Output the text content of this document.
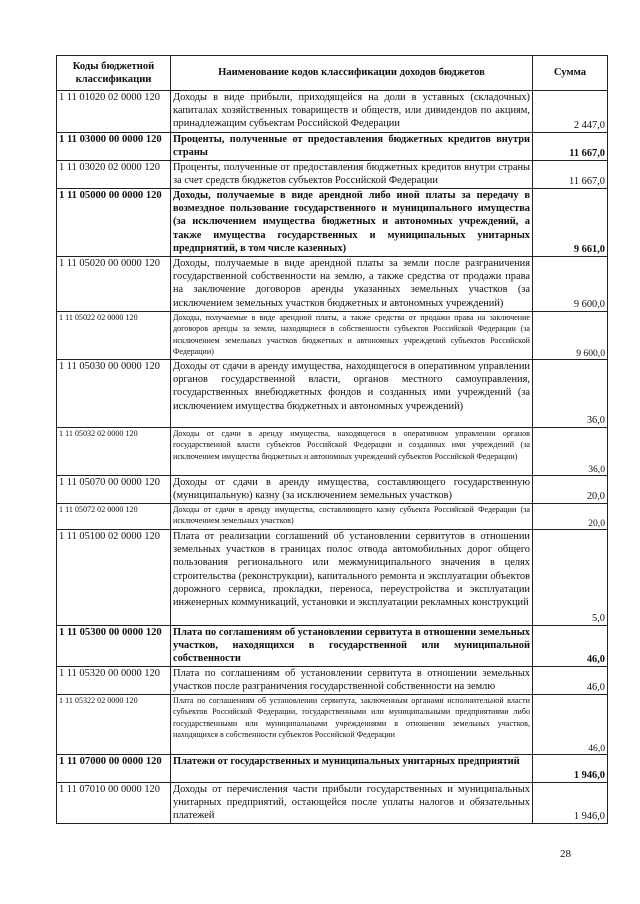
Коды бюджетной классификации	Наименование кодов классификации доходов бюджетов	Сумма
1 11 01020 02 0000 120	Доходы в виде прибыли, приходящейся на доли в уставных (складочных) капиталах хозяйственных товариществ и обществ, или дивидендов по акциям, принадлежащим субъектам Российской Федерации	2 447,0
1 11 03000 00 0000 120	Проценты, полученные от предоставления бюджетных кредитов внутри страны	11 667,0
1 11 03020 02 0000 120	Проценты, полученные от предоставления бюджетных кредитов внутри страны за счет средств бюджетов субъектов Российской Федерации	11 667,0
1 11 05000 00 0000 120	Доходы, получаемые в виде арендной либо иной платы за передачу в возмездное пользование государственного и муниципального имущества (за исключением имущества бюджетных и автономных учреждений, а также имущества государственных и муниципальных унитарных предприятий, в том числе казенных)	9 661,0
1 11 05020 00 0000 120	Доходы, получаемые в виде арендной платы за земли после разграничения государственной собственности на землю, а также средства от продажи права на заключение договоров аренды указанных земельных участков (за исключением земельных участков бюджетных и автономных учреждений)	9 600,0
1 11 05022 02 0000 120	Доходы, получаемые в виде арендной платы, а также средства от продажи права на заключение договоров аренды за земли, находящиеся в собственности субъектов Российской Федерации (за исключением земельных участков бюджетных и автономных учреждений субъектов Российской Федерации)	9 600,0
1 11 05030 00 0000 120	Доходы от сдачи в аренду имущества, находящегося в оперативном управлении органов государственной власти, органов местного самоуправления, государственных внебюджетных фондов и созданных ими учреждений (за исключением имущества бюджетных и автономных учреждений)	36,0
1 11 05032 02 0000 120	Доходы от сдачи в аренду имущества, находящегося в оперативном управлении органов государственной власти субъектов Российской Федерации и созданных ими учреждений (за исключением имущества бюджетных и автономных учреждений субъектов Российской Федерации)	36,0
1 11 05070 00 0000 120	Доходы от сдачи в аренду имущества, составляющего государственную (муниципальную) казну (за исключением земельных участков)	20,0
1 11 05072 02 0000 120	Доходы от сдачи в аренду имущества, составляющего казну субъекта Российской Федерации (за исключением земельных участков)	20,0
1 11 05100 02 0000 120	Плата от реализации соглашений об установлении сервитутов в отношении земельных участков в границах полос отвода автомобильных дорог общего пользования регионального или межмуниципального значения в целях строительства (реконструкции), капитального ремонта и эксплуатации объектов дорожного сервиса, прокладки, переноса, переустройства и эксплуатации инженерных коммуникаций, установки и эксплуатации рекламных конструкций	5,0
1 11 05300 00 0000 120	Плата по соглашениям об установлении сервитута в отношении земельных участков, находящихся в государственной или муниципальной собственности	46,0
1 11 05320 00 0000 120	Плата по соглашениям об установлении сервитута в отношении земельных участков после разграничения государственной собственности на землю	46,0
1 11 05322 02 0000 120	Плата по соглашениям об установлении сервитута, заключенным органами исполнительной власти субъектов Российской Федерации, государственными или муниципальными предприятиями либо государственными или муниципальными учреждениями в отношении земельных участков, находящихся в собственности субъектов Российской Федерации	46,0
1 11 07000 00 0000 120	Платежи от государственных и муниципальных унитарных предприятий	1 946,0
1 11 07010 00 0000 120	Доходы от перечисления части прибыли государственных и муниципальных унитарных предприятий, остающейся после уплаты налогов и обязательных платежей	1 946,0
28
